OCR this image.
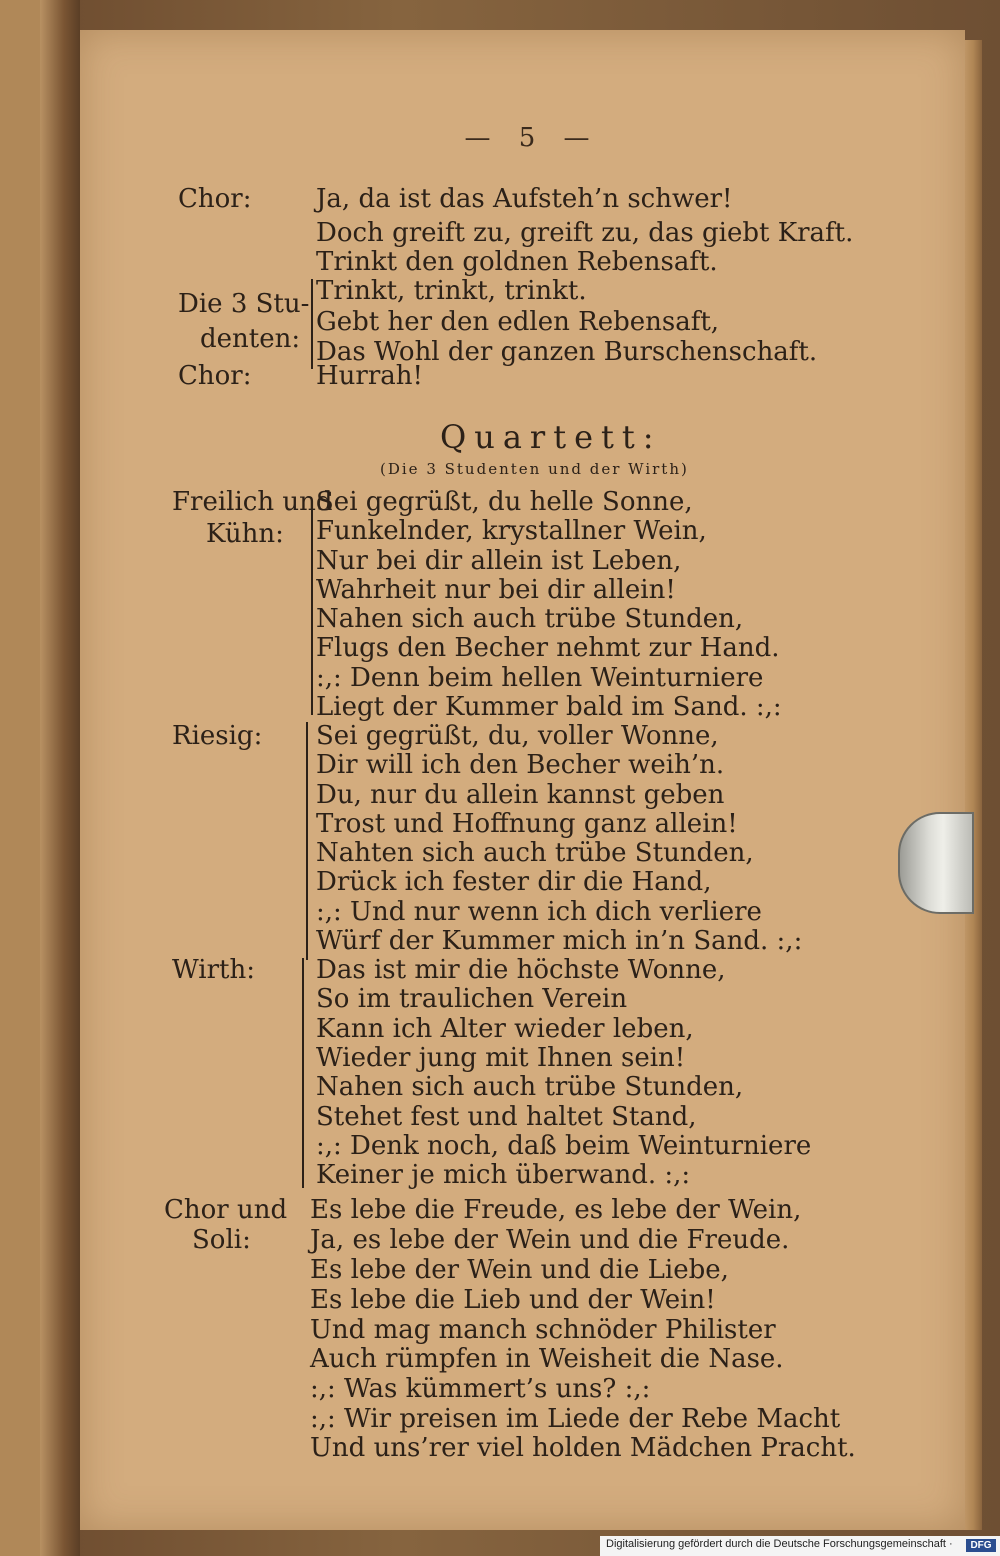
— 5 —
Chor: Ja, da ist das Aufsteh’n schwer!
Doch greift zu, greift zu, das giebt Kraft.
Trinkt den goldnen Rebensaft.
Die 3 Stu-
denten:
Trinkt, trinkt, trinkt.
Gebt her den edlen Rebensaft,
Das Wohl der ganzen Burschenschaft.
Chor: Hurrah!
Quartett:
(Die 3 Studenten und der Wirth)
Freilich und
Kühn:
Sei gegrüßt, du helle Sonne,
Funkelnder, krystallner Wein,
Nur bei dir allein ist Leben,
Wahrheit nur bei dir allein!
Nahen sich auch trübe Stunden,
Flugs den Becher nehmt zur Hand.
:,: Denn beim hellen Weinturniere
Liegt der Kummer bald im Sand. :,:
Riesig: Sei gegrüßt, du, voller Wonne,
Dir will ich den Becher weih’n.
Du, nur du allein kannst geben
Trost und Hoffnung ganz allein!
Nahten sich auch trübe Stunden,
Drück ich fester dir die Hand,
:,: Und nur wenn ich dich verliere
Würf der Kummer mich in’n Sand. :,:
Wirth: Das ist mir die höchste Wonne,
So im traulichen Verein
Kann ich Alter wieder leben,
Wieder jung mit Ihnen sein!
Nahen sich auch trübe Stunden,
Stehet fest und haltet Stand,
:,: Denk noch, daß beim Weinturniere
Keiner je mich überwand. :,:
Chor und
Soli:
Es lebe die Freude, es lebe der Wein,
Ja, es lebe der Wein und die Freude.
Es lebe der Wein und die Liebe,
Es lebe die Lieb und der Wein!
Und mag manch schnöder Philister
Auch rümpfen in Weisheit die Nase.
:,: Was kümmert’s uns? :,:
:,: Wir preisen im Liede der Rebe Macht
Und uns’rer viel holden Mädchen Pracht.
Digitalisierung gefördert durch die Deutsche Forschungsgemeinschaft ·	DFG
